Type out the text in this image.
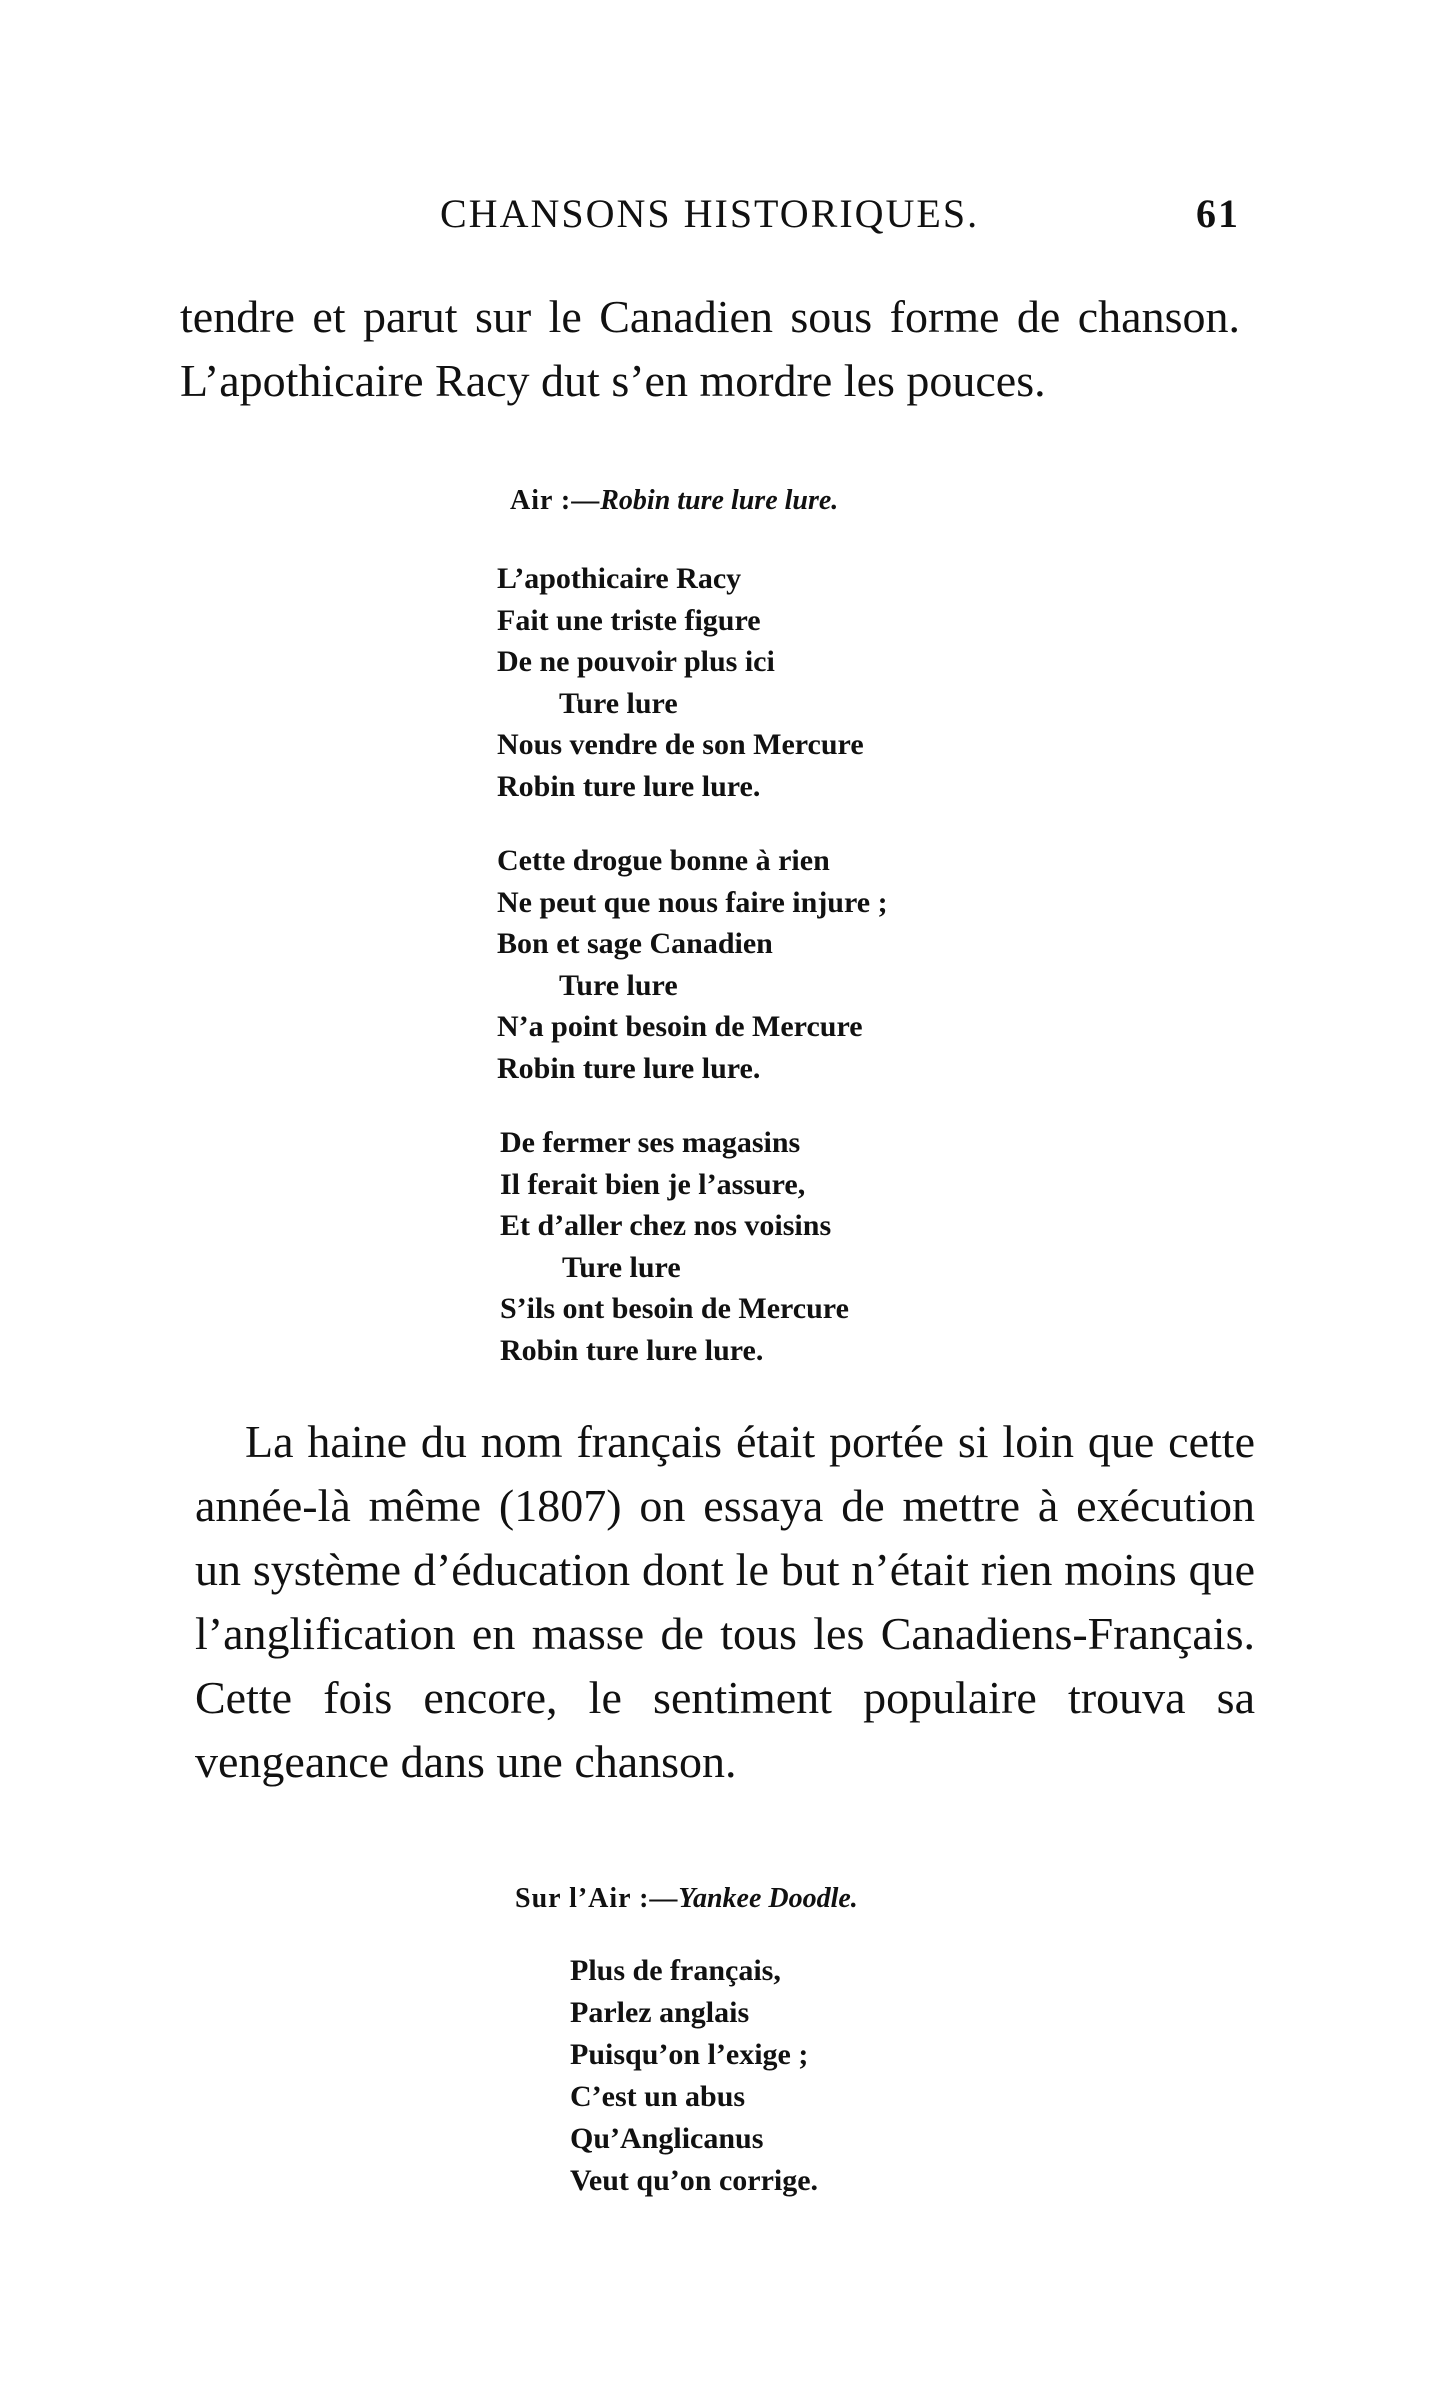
CHANSONS HISTORIQUES.	61

tendre et parut sur le Canadien sous forme de chanson. L’apothicaire Racy dut s’en mordre les pouces.

Air :—Robin ture lure lure.
L’apothicaire Racy
Fait une triste figure
De ne pouvoir plus ici
Ture lure
Nous vendre de son Mercure
Robin ture lure lure.
Cette drogue bonne à rien
Ne peut que nous faire injure ;
Bon et sage Canadien
Ture lure
N’a point besoin de Mercure
Robin ture lure lure.
De fermer ses magasins
Il ferait bien je l’assure,
Et d’aller chez nos voisins
Ture lure
S’ils ont besoin de Mercure
Robin ture lure lure.

La haine du nom français était portée si loin que cette année-là même (1807) on essaya de mettre à exécution un système d’éducation dont le but n’était rien moins que l’anglification en masse de tous les Canadiens-Français. Cette fois encore, le sentiment populaire trouva sa vengeance dans une chanson.

Sur l’Air :—Yankee Doodle.
Plus de français,
Parlez anglais
Puisqu’on l’exige ;
C’est un abus
Qu’Anglicanus
Veut qu’on corrige.
